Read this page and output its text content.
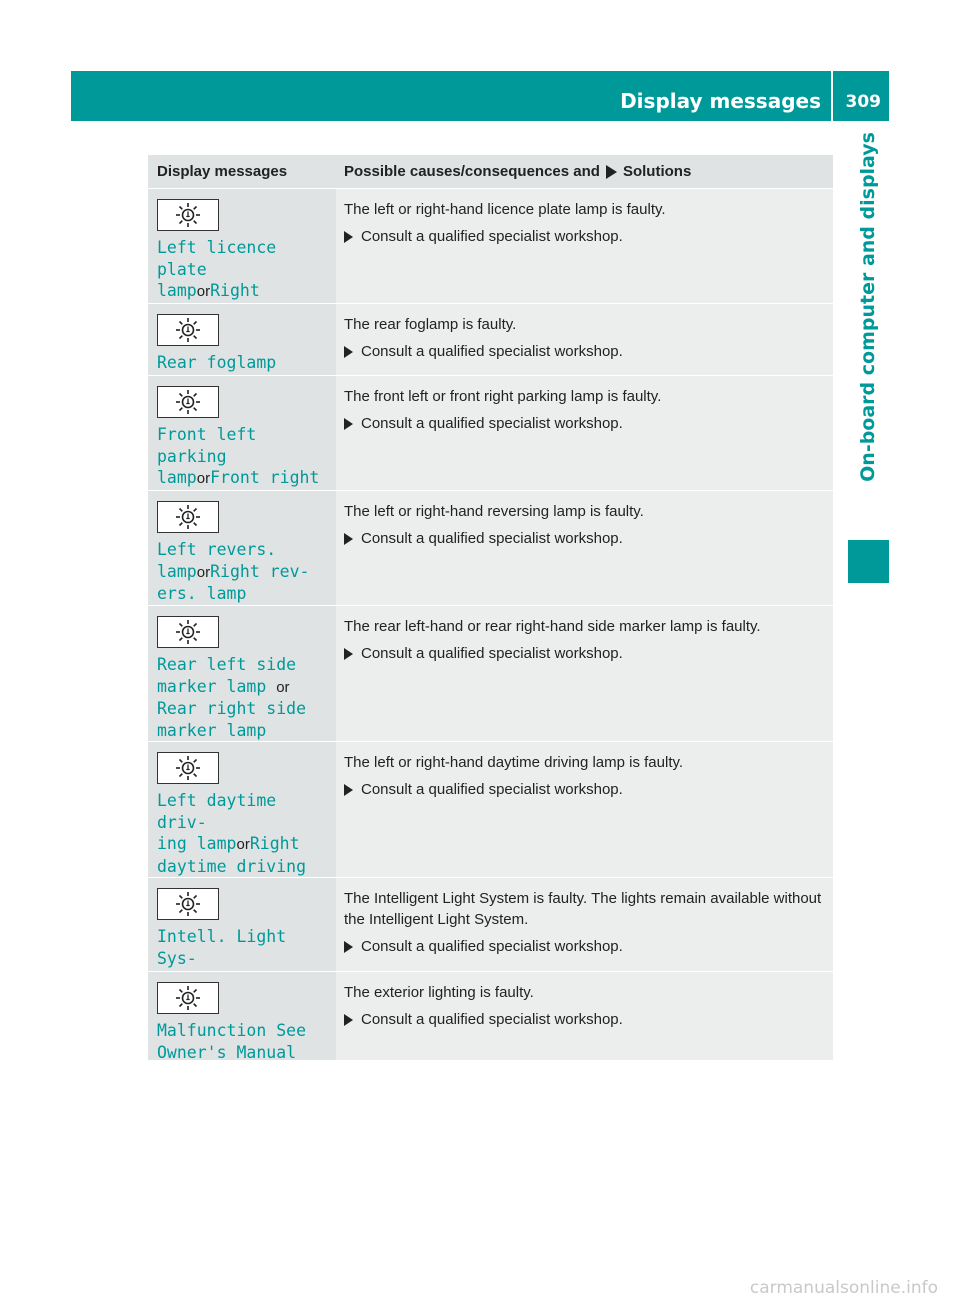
Display messages 309
On-board computer and displays
Display messages	Possible causes/consequences and Solutions
Left licence plate
lamporRight

The left or right-hand licence plate lamp is faulty.
Consult a qualified specialist workshop.
Rear foglamp
The rear foglamp is faulty.
Consult a qualified specialist workshop.
Front left parking
lamporFront right

The front left or front right parking lamp is faulty.
Consult a qualified specialist workshop.
Left revers.
lamporRight rev‐
ers. lamp
The left or right-hand reversing lamp is faulty.
Consult a qualified specialist workshop.
Rear left side
marker lamp or
Rear right side
marker lamp
The rear left-hand or rear right-hand side marker lamp is faulty.
Consult a qualified specialist workshop.
Left daytime driv‐
ing lamporRight
daytime driving

The left or right-hand daytime driving lamp is faulty.
Consult a qualified specialist workshop.
Intell. Light Sys‐

The Intelligent Light System is faulty. The lights remain available without the Intelligent Light System.
Consult a qualified specialist workshop.
Malfunction See
Owner's Manual
The exterior lighting is faulty.
Consult a qualified specialist workshop.
carmanualsonline.info
